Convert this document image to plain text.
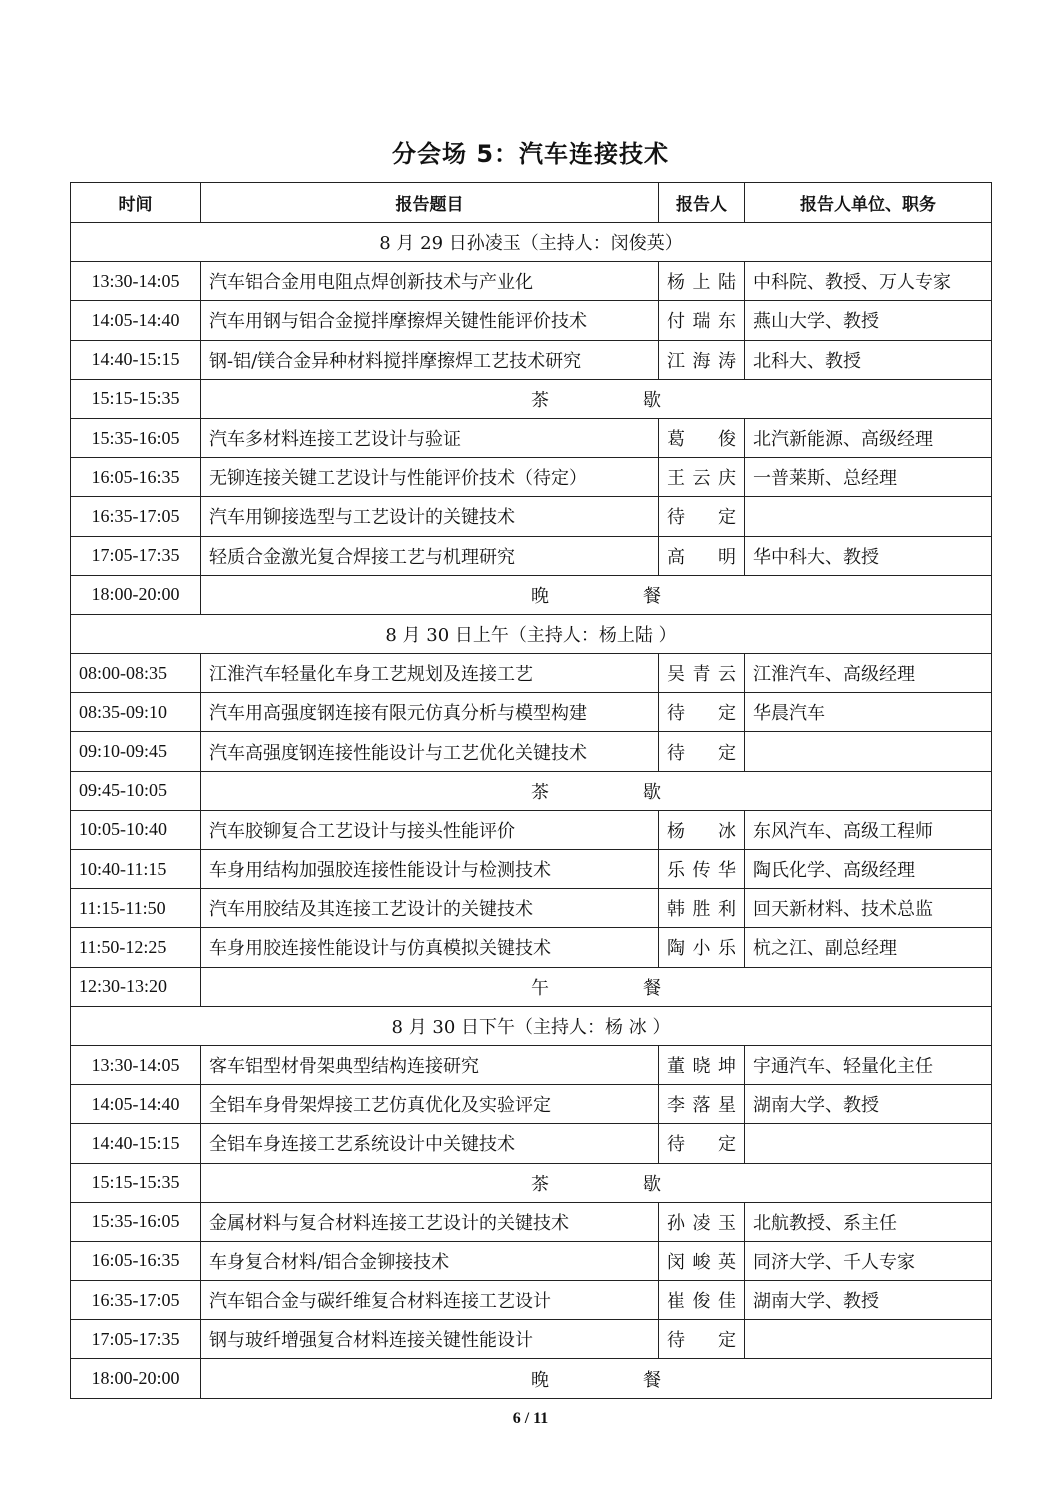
分会场 5：汽车连接技术
时间	报告题目	报告人	报告人单位、职务
8 月 29 日孙凌玉（主持人：闵俊英）			
13:30-14:05	汽车铝合金用电阻点焊创新技术与产业化	杨上陆	中科院、教授、万人专家
14:05-14:40	汽车用钢与铝合金搅拌摩擦焊关键性能评价技术	付瑞东	燕山大学、教授
14:40-15:15	钢-铝/镁合金异种材料搅拌摩擦焊工艺技术研究	江海涛	北科大、教授
15:15-15:35	茶歇		
15:35-16:05	汽车多材料连接工艺设计与验证	葛俊	北汽新能源、高级经理
16:05-16:35	无铆连接关键工艺设计与性能评价技术（待定）	王云庆	一普莱斯、总经理
16:35-17:05	汽车用铆接选型与工艺设计的关键技术	待定	
17:05-17:35	轻质合金激光复合焊接工艺与机理研究	高明	华中科大、教授
18:00-20:00	晚餐		
8 月 30 日上午（主持人：杨上陆 ）			
08:00-08:35	江淮汽车轻量化车身工艺规划及连接工艺	吴青云	江淮汽车、高级经理
08:35-09:10	汽车用高强度钢连接有限元仿真分析与模型构建	待定	华晨汽车
09:10-09:45	汽车高强度钢连接性能设计与工艺优化关键技术	待定	
09:45-10:05	茶歇		
10:05-10:40	汽车胶铆复合工艺设计与接头性能评价	杨冰	东风汽车、高级工程师
10:40-11:15	车身用结构加强胶连接性能设计与检测技术	乐传华	陶氏化学、高级经理
11:15-11:50	汽车用胶结及其连接工艺设计的关键技术	韩胜利	回天新材料、技术总监
11:50-12:25	车身用胶连接性能设计与仿真模拟关键技术	陶小乐	杭之江、副总经理
12:30-13:20	午餐		
8 月 30 日下午（主持人：杨 冰 ）			
13:30-14:05	客车铝型材骨架典型结构连接研究	董晓坤	宇通汽车、轻量化主任
14:05-14:40	全铝车身骨架焊接工艺仿真优化及实验评定	李落星	湖南大学、教授
14:40-15:15	全铝车身连接工艺系统设计中关键技术	待定	
15:15-15:35	茶歇		
15:35-16:05	金属材料与复合材料连接工艺设计的关键技术	孙凌玉	北航教授、系主任
16:05-16:35	车身复合材料/铝合金铆接技术	闵峻英	同济大学、千人专家
16:35-17:05	汽车铝合金与碳纤维复合材料连接工艺设计	崔俊佳	湖南大学、教授
17:05-17:35	钢与玻纤增强复合材料连接关键性能设计	待定	
18:00-20:00	晚餐		
6 / 11
